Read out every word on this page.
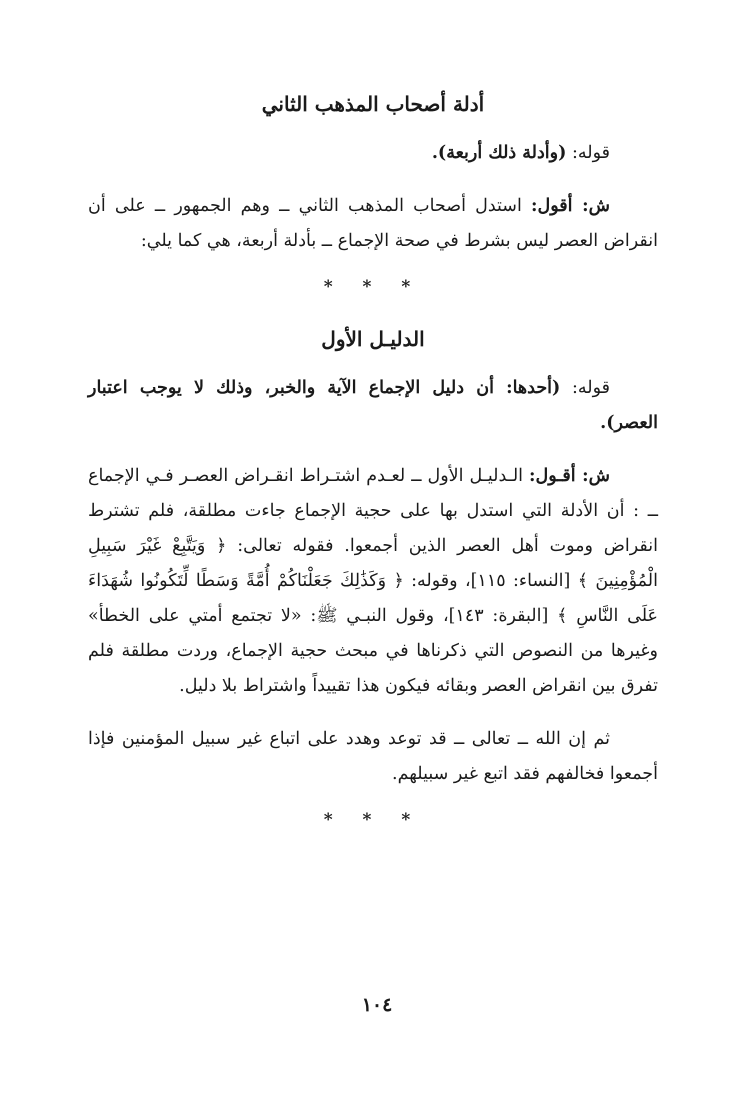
أدلة أصحاب المذهب الثاني

قوله: (وأدلة ذلك أربعة).

ش: أقول: استدل أصحاب المذهب الثاني ــ وهم الجمهور ــ على أن انقراض العصر ليس بشرط في صحة الإجماع ــ بأدلة أربعة، هي كما يلي:

* * *
الدليـل الأول

قوله: (أحدها: أن دليل الإجماع الآية والخبر، وذلك لا يوجب اعتبار العصر).

ش: أقـول: الـدليـل الأول ــ لعـدم اشتـراط انقـراض العصـر فـي الإجماع ــ : أن الأدلة التي استدل بها على حجية الإجماع جاءت مطلقة، فلم تشترط انقراض وموت أهل العصر الذين أجمعوا. فقوله تعالى: ﴿ وَيَتَّبِعْ غَيْرَ سَبِيلِ الْمُؤْمِنِينَ ﴾ [النساء: ١١٥]، وقوله: ﴿ وَكَذَٰلِكَ جَعَلْنَاكُمْ أُمَّةً وَسَطًا لِّتَكُونُوا شُهَدَاءَ عَلَى النَّاسِ ﴾ [البقرة: ١٤٣]، وقول النبـي ﷺ: «لا تجتمع أمتي على الخطأ» وغيرها من النصوص التي ذكرناها في مبحث حجية الإجماع، وردت مطلقة فلم تفرق بين انقراض العصر وبقائه فيكون هذا تقييداً واشتراط بلا دليل.

ثم إن الله ــ تعالى ــ قد توعد وهدد على اتباع غير سبيل المؤمنين فإذا أجمعوا فخالفهم فقد اتبع غير سبيلهم.

* * *
١٠٤
